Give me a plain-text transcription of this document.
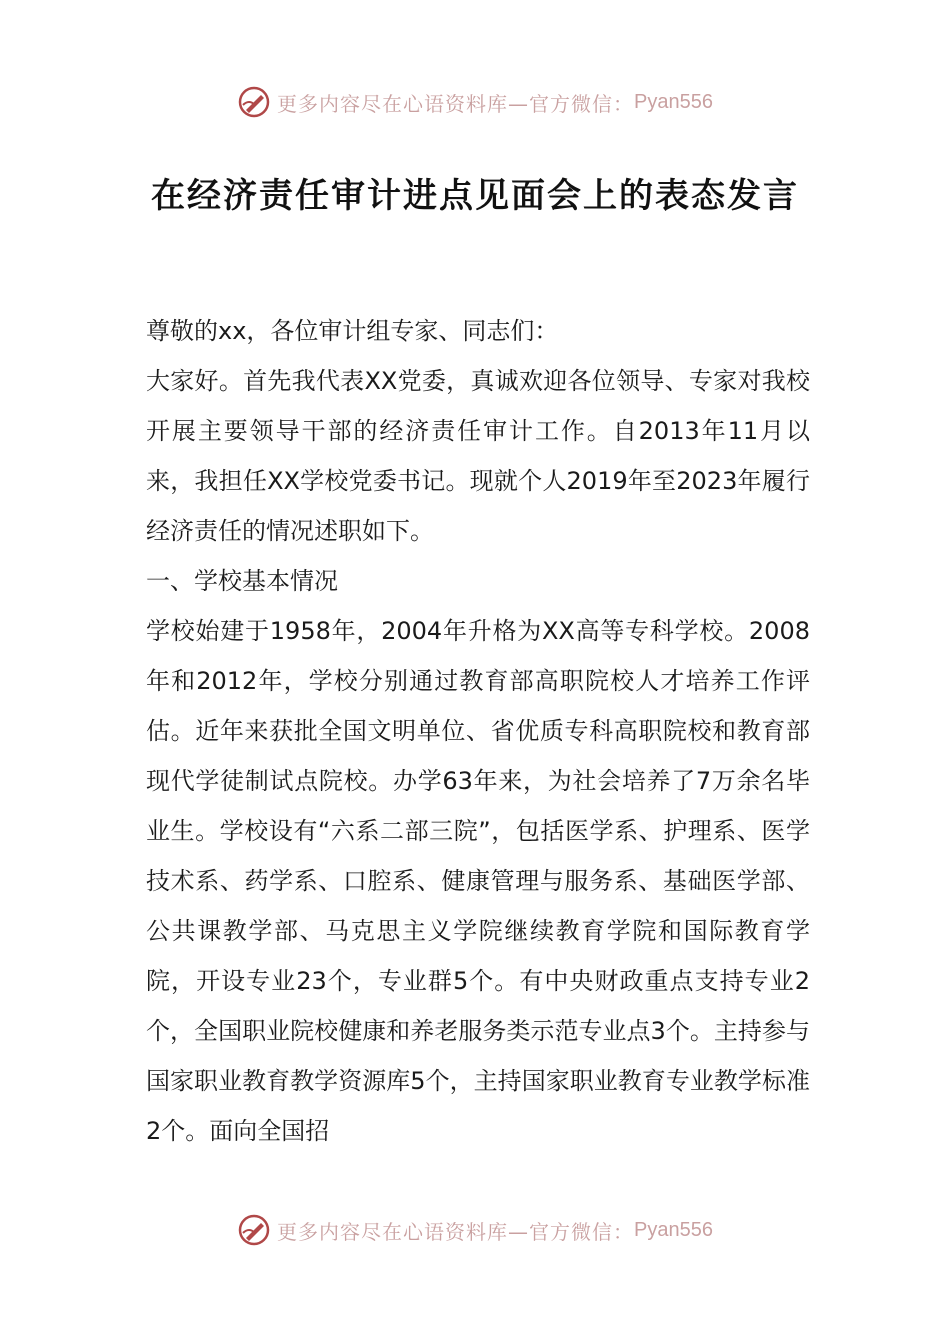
更多内容尽在心语资料库—官方微信： Pyan556
在经济责任审计进点见面会上的表态发言

尊敬的xx，各位审计组专家、同志们：

大家好。首先我代表XX党委，真诚欢迎各位领导、专家对我校开展主要领导干部的经济责任审计工作。自2013年11月以来，我担任XX学校党委书记。现就个人2019年至2023年履行经济责任的情况述职如下。

一、学校基本情况

学校始建于1958年，2004年升格为XX高等专科学校。2008年和2012年，学校分别通过教育部高职院校人才培养工作评估。近年来获批全国文明单位、省优质专科高职院校和教育部现代学徒制试点院校。办学63年来，为社会培养了7万余名毕业生。学校设有“六系二部三院”，包括医学系、护理系、医学技术系、药学系、口腔系、健康管理与服务系、基础医学部、公共课教学部、马克思主义学院继续教育学院和国际教育学院，开设专业23个，专业群5个。有中央财政重点支持专业2个，全国职业院校健康和养老服务类示范专业点3个。主持参与国家职业教育教学资源库5个，主持国家职业教育专业教学标准2个。面向全国招

更多内容尽在心语资料库—官方微信： Pyan556
